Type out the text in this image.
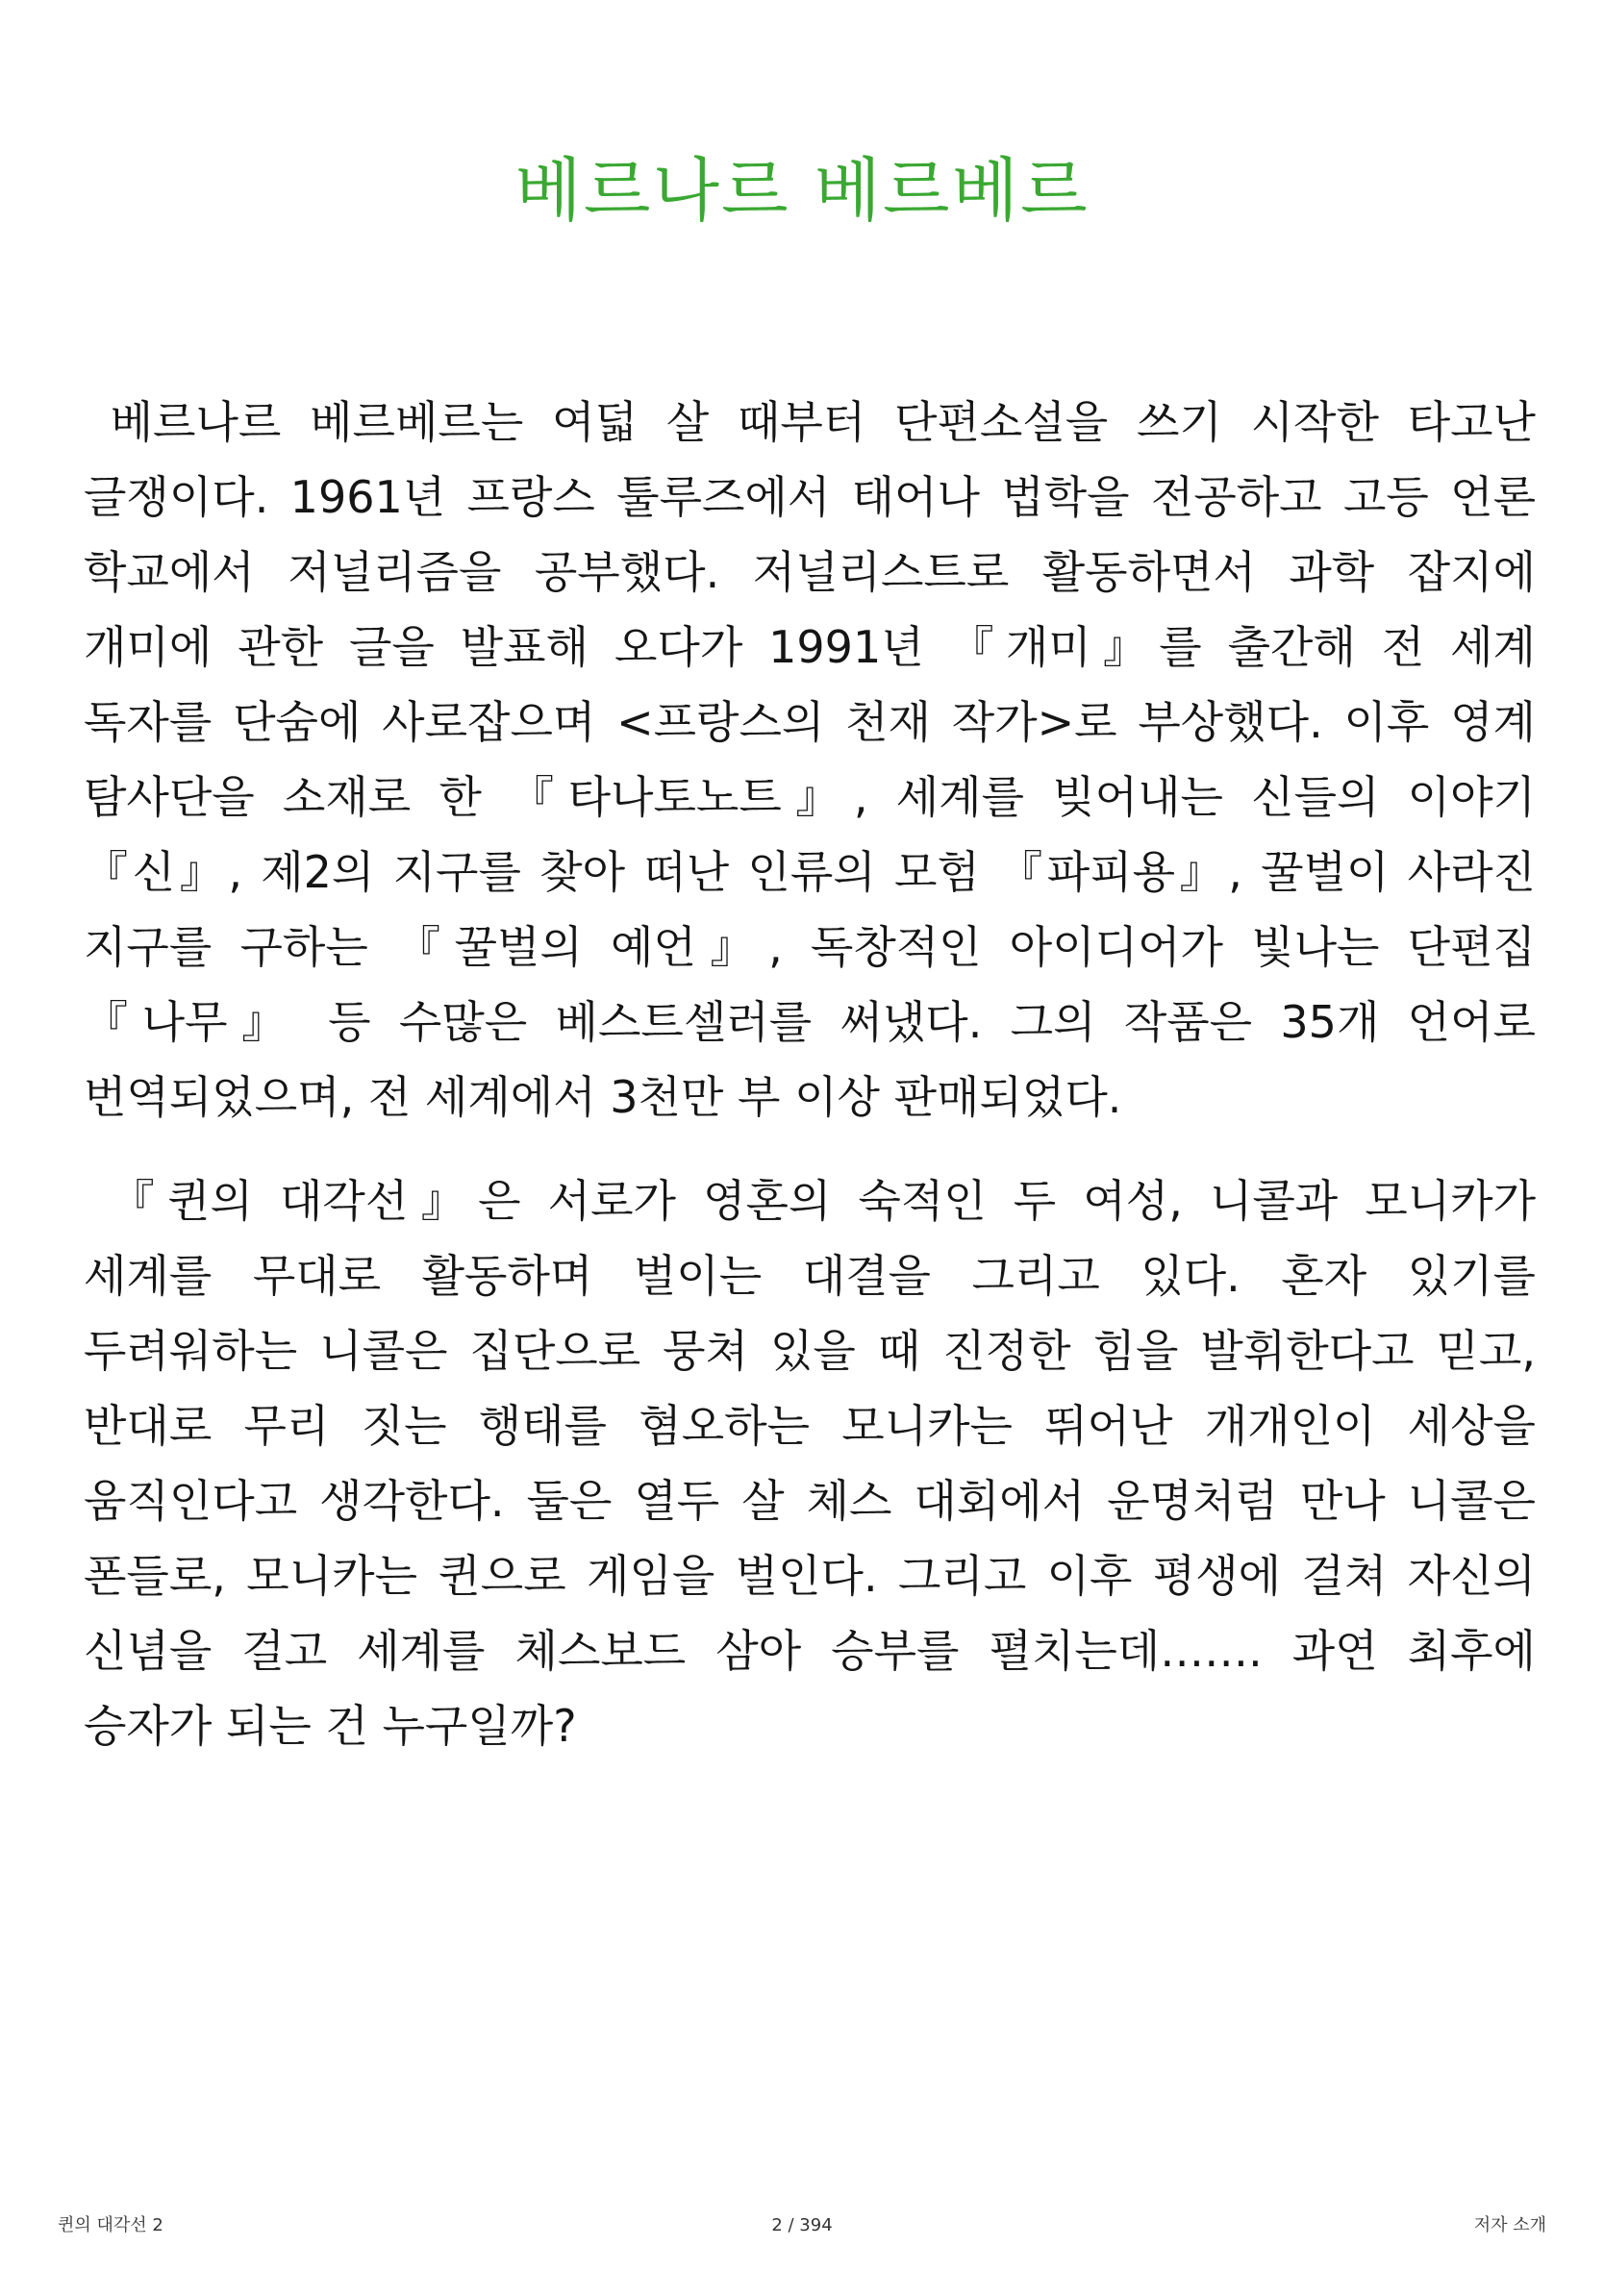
베르나르 베르베르

베르나르 베르베르는 여덟 살 때부터 단편소설을 쓰기 시작한 타고난 글쟁이다. 1961년 프랑스 툴루즈에서 태어나 법학을 전공하고 고등 언론 학교에서 저널리즘을 공부했다. 저널리스트로 활동하면서 과학 잡지에 개미에 관한 글을 발표해 오다가 1991년 『개미』를 출간해 전 세계 독자를 단숨에 사로잡으며 <프랑스의 천재 작가>로 부상했다. 이후 영계 탐사단을 소재로 한 『타나토노트』, 세계를 빚어내는 신들의 이야기 『신』, 제2의 지구를 찾아 떠난 인류의 모험 『파피용』, 꿀벌이 사라진 지구를 구하는 『꿀벌의 예언』, 독창적인 아이디어가 빛나는 단편집 『나무』 등 수많은 베스트셀러를 써냈다. 그의 작품은 35개 언어로 번역되었으며, 전 세계에서 3천만 부 이상 판매되었다.

『퀸의 대각선』은 서로가 영혼의 숙적인 두 여성, 니콜과 모니카가 세계를 무대로 활동하며 벌이는 대결을 그리고 있다. 혼자 있기를 두려워하는 니콜은 집단으로 뭉쳐 있을 때 진정한 힘을 발휘한다고 믿고, 반대로 무리 짓는 행태를 혐오하는 모니카는 뛰어난 개개인이 세상을 움직인다고 생각한다. 둘은 열두 살 체스 대회에서 운명처럼 만나 니콜은 폰들로, 모니카는 퀸으로 게임을 벌인다. 그리고 이후 평생에 걸쳐 자신의 신념을 걸고 세계를 체스보드 삼아 승부를 펼치는데……. 과연 최후에 승자가 되는 건 누구일까?

퀸의 대각선 2	2 / 394	저자 소개
